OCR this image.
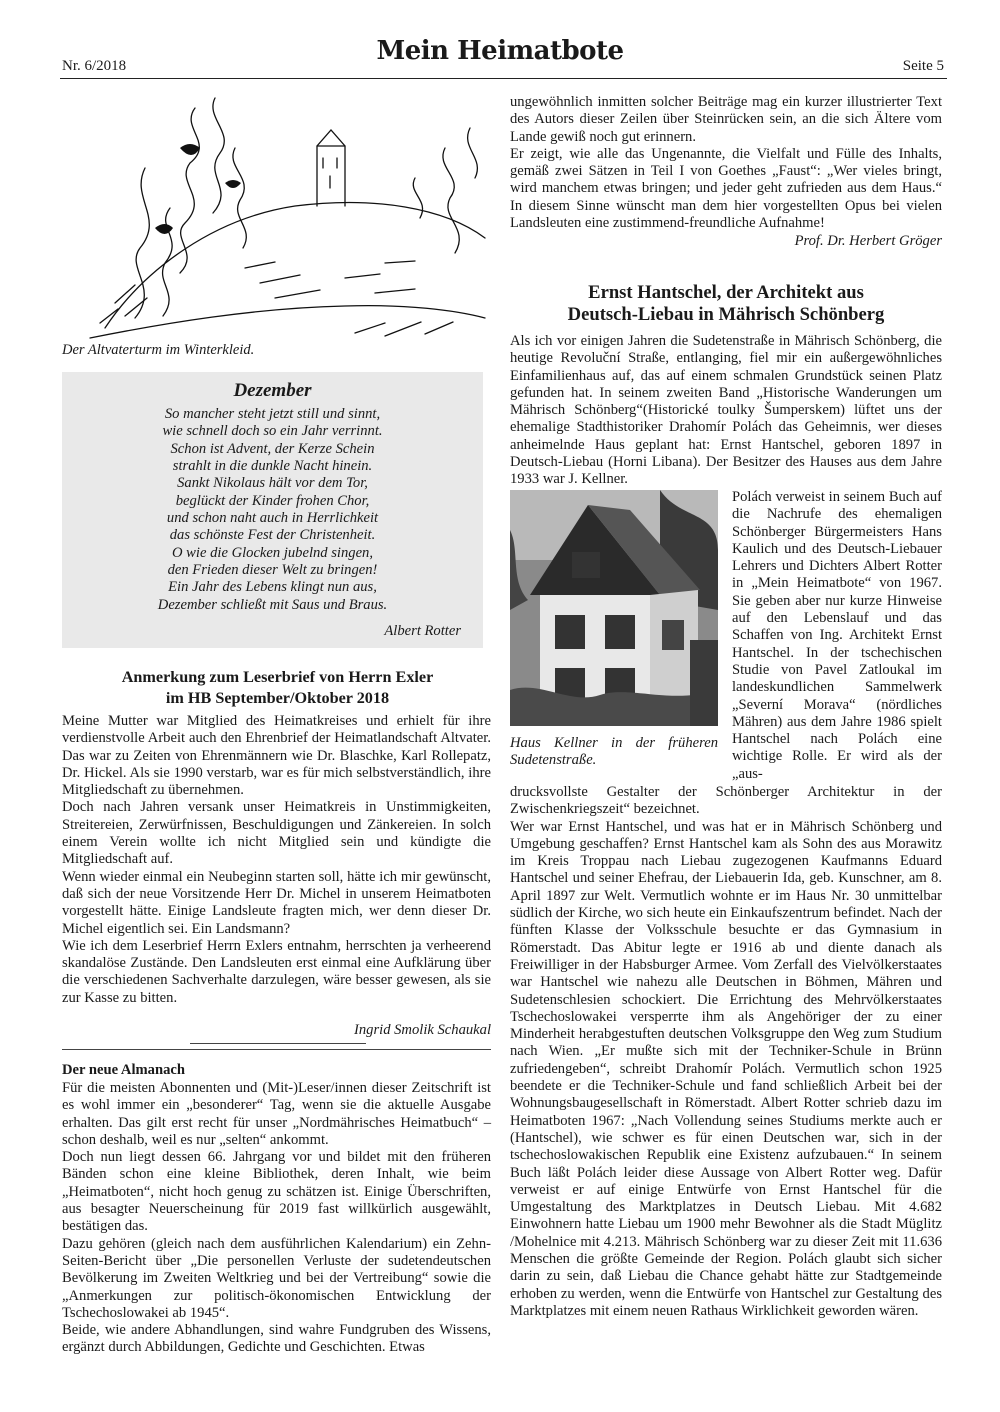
Nr. 6/2018	Mein Heimatbote	Seite 5
Der Altvaterturm im Winterkleid.
Dezember
So mancher steht jetzt still und sinnt,
wie schnell doch so ein Jahr verrinnt.
Schon ist Advent, der Kerze Schein
strahlt in die dunkle Nacht hinein.
Sankt Nikolaus hält vor dem Tor,
beglückt der Kinder frohen Chor,
und schon naht auch in Herrlichkeit
das schönste Fest der Christenheit.
O wie die Glocken jubelnd singen,
den Frieden dieser Welt zu bringen!
Ein Jahr des Lebens klingt nun aus,
Dezember schließt mit Saus und Braus.
Albert Rotter
Anmerkung zum Leserbrief von Herrn Exler
im HB September/Oktober 2018

Meine Mutter war Mitglied des Heimatkreises und erhielt für ihre verdienstvolle Arbeit auch den Ehrenbrief der Heimatlandschaft Altvater. Das war zu Zeiten von Ehrenmännern wie Dr. Blaschke, Karl Rollepatz, Dr. Hickel. Als sie 1990 verstarb, war es für mich selbstverständlich, ihre Mitgliedschaft zu übernehmen.

Doch nach Jahren versank unser Heimatkreis in Unstimmigkeiten, Streitereien, Zerwürfnissen, Beschuldigungen und Zänkereien. In solch einem Verein wollte ich nicht Mitglied sein und kündigte die Mitgliedschaft auf.

Wenn wieder einmal ein Neubeginn starten soll, hätte ich mir gewünscht, daß sich der neue Vorsitzende Herr Dr. Michel in unserem Heimatboten vorgestellt hätte. Einige Landsleute fragten mich, wer denn dieser Dr. Michel eigentlich sei. Ein Landsmann?

Wie ich dem Leserbrief Herrn Exlers entnahm, herrschten ja verheerend skandalöse Zustände. Den Landsleuten erst einmal eine Aufklärung über die verschiedenen Sachverhalte darzulegen, wäre besser gewesen, als sie zur Kasse zu bitten.

Ingrid Smolik Schaukal
Der neue Almanach

Für die meisten Abonnenten und (Mit-)Leser/innen dieser Zeitschrift ist es wohl immer ein „besonderer“ Tag, wenn sie die aktuelle Ausgabe erhalten. Das gilt erst recht für unser „Nordmährisches Heimatbuch“ – schon deshalb, weil es nur „selten“ ankommt.

Doch nun liegt dessen 66. Jahrgang vor und bildet mit den früheren Bänden schon eine kleine Bibliothek, deren Inhalt, wie beim „Heimatboten“, nicht hoch genug zu schätzen ist. Einige Überschriften, aus besagter Neuerscheinung für 2019 fast willkürlich ausgewählt, bestätigen das.

Dazu gehören (gleich nach dem ausführlichen Kalendarium) ein Zehn-Seiten-Bericht über „Die personellen Verluste der sudetendeutschen Bevölkerung im Zweiten Weltkrieg und bei der Vertreibung“ sowie die „Anmerkungen zur politisch-ökonomischen Entwicklung der Tschechoslowakei ab 1945“.

Beide, wie andere Abhandlungen, sind wahre Fundgruben des Wissens, ergänzt durch Abbildungen, Gedichte und Geschichten. Etwas

ungewöhnlich inmitten solcher Beiträge mag ein kurzer illustrierter Text des Autors dieser Zeilen über Steinrücken sein, an die sich Ältere vom Lande gewiß noch gut erinnern.

Er zeigt, wie alle das Ungenannte, die Vielfalt und Fülle des Inhalts, gemäß zwei Sätzen in Teil I von Goethes „Faust“: „Wer vieles bringt, wird manchem etwas bringen; und jeder geht zufrieden aus dem Haus.“ In diesem Sinne wünscht man dem hier vorgestellten Opus bei vielen Landsleuten eine zustimmend-freundliche Aufnahme!

Prof. Dr. Herbert Gröger
Ernst Hantschel, der Architekt aus
Deutsch-Liebau in Mährisch Schönberg

Als ich vor einigen Jahren die Sudetenstraße in Mährisch Schönberg, die heutige Revoluční Straße, entlanging, fiel mir ein außergewöhnliches Einfamilienhaus auf, das auf einem schmalen Grundstück seinen Platz gefunden hat. In seinem zweiten Band „Historische Wanderungen um Mährisch Schönberg“(Historické toulky Šumperskem) lüftet uns der ehemalige Stadthistoriker Drahomír Polách das Geheimnis, wer dieses anheimelnde Haus geplant hat: Ernst Hantschel, geboren 1897 in Deutsch-Liebau (Horni Libana). Der Besitzer des Hauses aus dem Jahre 1933 war J. Kellner.

Haus Kellner in der früheren Sudetenstraße.

Polách verweist in seinem Buch auf die Nachrufe des ehemaligen Schönberger Bürgermeisters Hans Kaulich und des Deutsch-Liebauer Lehrers und Dichters Albert Rotter in „Mein Heimatbote“ von 1967. Sie geben aber nur kurze Hinweise auf den Lebenslauf und das Schaffen von Ing. Architekt Ernst Hantschel. In der tschechischen Studie von Pavel Zatloukal im landeskundlichen Sammelwerk „Severní Morava“ (nördliches Mähren) aus dem Jahre 1986 spielt Hantschel nach Polách eine wichtige Rolle. Er wird als der „aus-

drucksvollste Gestalter der Schönberger Architektur in der Zwischenkriegszeit“ bezeichnet.

Wer war Ernst Hantschel, und was hat er in Mährisch Schönberg und Umgebung geschaffen? Ernst Hantschel kam als Sohn des aus Morawitz im Kreis Troppau nach Liebau zugezogenen Kaufmanns Eduard Hantschel und seiner Ehefrau, der Liebauerin Ida, geb. Kunschner, am 8. April 1897 zur Welt. Vermutlich wohnte er im Haus Nr. 30 unmittelbar südlich der Kirche, wo sich heute ein Einkaufszentrum befindet. Nach der fünften Klasse der Volksschule besuchte er das Gymnasium in Römerstadt. Das Abitur legte er 1916 ab und diente danach als Freiwilliger in der Habsburger Armee. Vom Zerfall des Vielvölkerstaates war Hantschel wie nahezu alle Deutschen in Böhmen, Mähren und Sudetenschlesien schockiert. Die Errichtung des Mehrvölkerstaates Tschechoslowakei versperrte ihm als Angehöriger der zu einer Minderheit herabgestuften deutschen Volksgruppe den Weg zum Studium nach Wien. „Er mußte sich mit der Techniker-Schule in Brünn zufriedengeben“, schreibt Drahomír Polách. Vermutlich schon 1925 beendete er die Techniker-Schule und fand schließlich Arbeit bei der Wohnungsbaugesellschaft in Römerstadt. Albert Rotter schrieb dazu im Heimatboten 1967: „Nach Vollendung seines Studiums merkte auch er (Hantschel), wie schwer es für einen Deutschen war, sich in der tschechoslowakischen Republik eine Existenz aufzubauen.“ In seinem Buch läßt Polách leider diese Aussage von Albert Rotter weg. Dafür verweist er auf einige Entwürfe von Ernst Hantschel für die Umgestaltung des Marktplatzes in Deutsch Liebau. Mit 4.682 Einwohnern hatte Liebau um 1900 mehr Bewohner als die Stadt Müglitz /Mohelnice mit 4.213. Mährisch Schönberg war zu dieser Zeit mit 11.636 Menschen die größte Gemeinde der Region. Polách glaubt sich sicher darin zu sein, daß Liebau die Chance gehabt hätte zur Stadtgemeinde erhoben zu werden, wenn die Entwürfe von Hantschel zur Gestaltung des Marktplatzes mit einem neuen Rathaus Wirklichkeit geworden wären.
